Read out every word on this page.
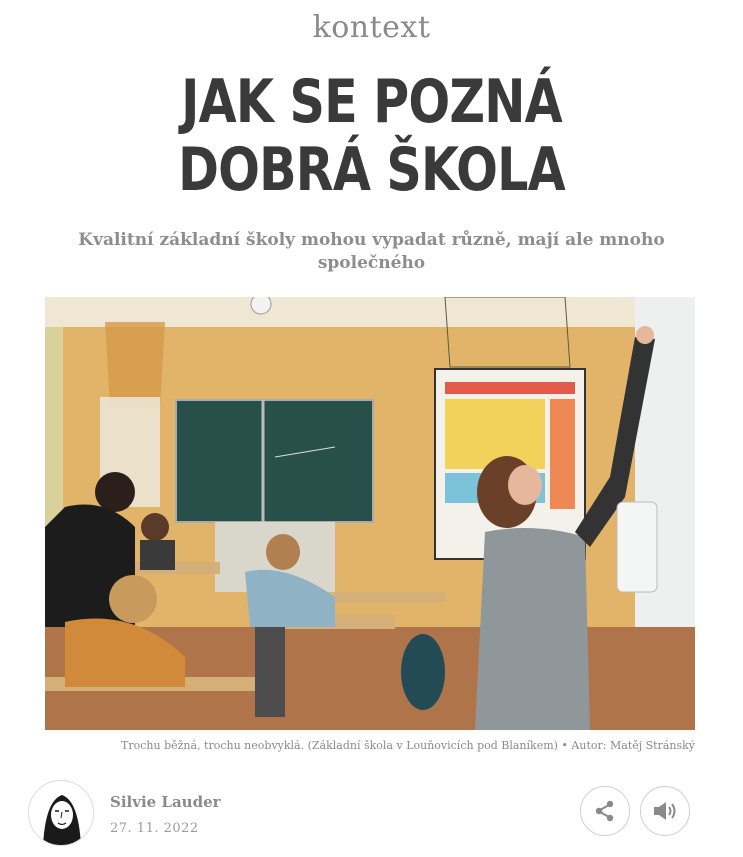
kontext
JAK SE POZNÁ DOBRÁ ŠKOLA

Kvalitní základní školy mohou vypadat různě, mají ale mnoho společného

Trochu běžná, trochu neobvyklá. (Základní škola v Louňovicích pod Blaníkem) • Autor: Matěj Stránský
Silvie Lauder
27. 11. 2022
